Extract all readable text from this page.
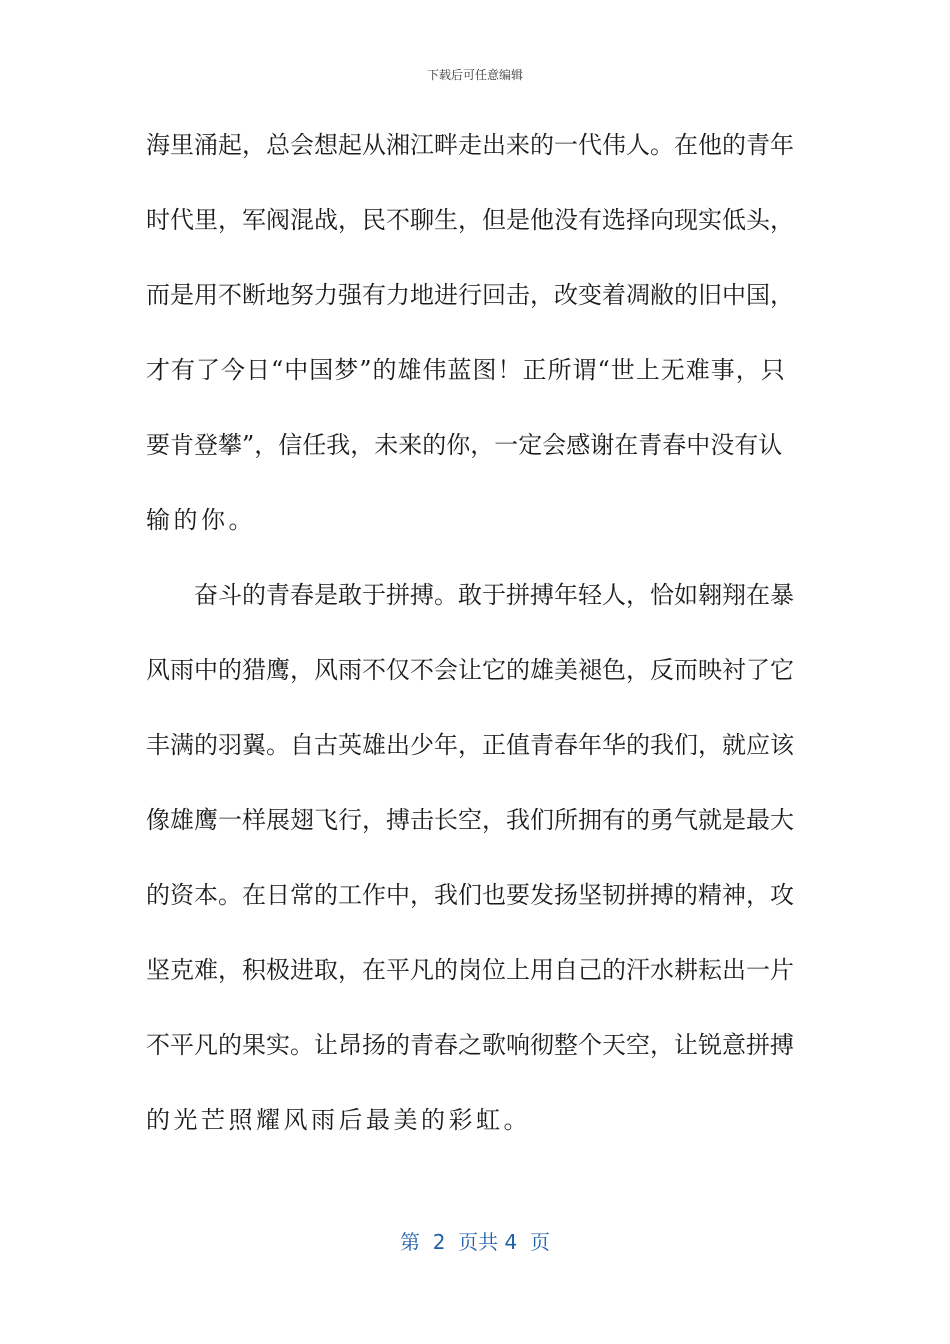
下载后可任意编辑
海里涌起，总会想起从湘江畔走出来的一代伟人。在他的青年
时代里，军阀混战，民不聊生，但是他没有选择向现实低头，
而是用不断地努力强有力地进行回击，改变着凋敝的旧中国，
才有了今日“中国梦”的雄伟蓝图！正所谓“世上无难事，只
要肯登攀”，信任我，未来的你，一定会感谢在青春中没有认
输的你。
奋斗的青春是敢于拼搏。敢于拼搏年轻人，恰如翱翔在暴
风雨中的猎鹰，风雨不仅不会让它的雄美褪色，反而映衬了它
丰满的羽翼。自古英雄出少年，正值青春年华的我们，就应该
像雄鹰一样展翅飞行，搏击长空，我们所拥有的勇气就是最大
的资本。在日常的工作中，我们也要发扬坚韧拼搏的精神，攻
坚克难，积极进取，在平凡的岗位上用自己的汗水耕耘出一片
不平凡的果实。让昂扬的青春之歌响彻整个天空，让锐意拼搏
的光芒照耀风雨后最美的彩虹。
第  2  页共 4  页
